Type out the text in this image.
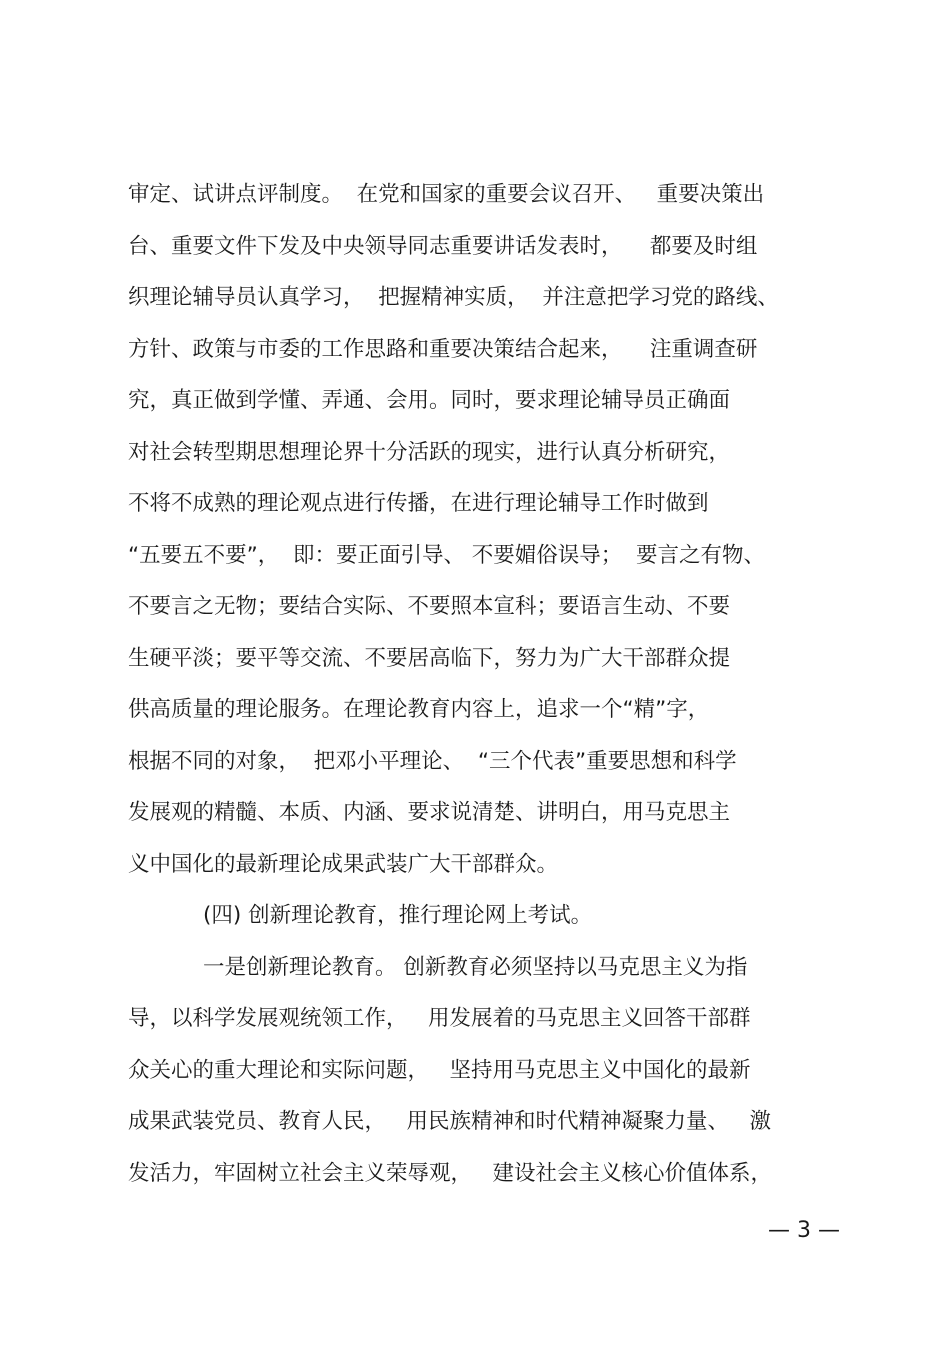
审定、试讲点评制度。  在党和国家的重要会议召开、   重要决策出
台、重要文件下发及中央领导同志重要讲话发表时，    都要及时组
织理论辅导员认真学习，  把握精神实质，  并注意把学习党的路线、
方针、政策与市委的工作思路和重要决策结合起来，    注重调查研
究，真正做到学懂、弄通、会用。同时，要求理论辅导员正确面
对社会转型期思想理论界十分活跃的现实，进行认真分析研究，
不将不成熟的理论观点进行传播，在进行理论辅导工作时做到
“五要五不要”，  即：要正面引导、 不要媚俗误导；  要言之有物、
不要言之无物；要结合实际、不要照本宣科；要语言生动、不要
生硬平淡；要平等交流、不要居高临下，努力为广大干部群众提
供高质量的理论服务。在理论教育内容上，追求一个“精”字，
根据不同的对象，  把邓小平理论、  “三个代表”重要思想和科学
发展观的精髓、本质、内涵、要求说清楚、讲明白，用马克思主
义中国化的最新理论成果武装广大干部群众。
(四) 创新理论教育，推行理论网上考试。
一是创新理论教育。 创新教育必须坚持以马克思主义为指
导，以科学发展观统领工作，   用发展着的马克思主义回答干部群
众关心的重大理论和实际问题，   坚持用马克思主义中国化的最新
成果武装党员、教育人民，   用民族精神和时代精神凝聚力量、   激
发活力，牢固树立社会主义荣辱观，   建设社会主义核心价值体系，
— 3 —
